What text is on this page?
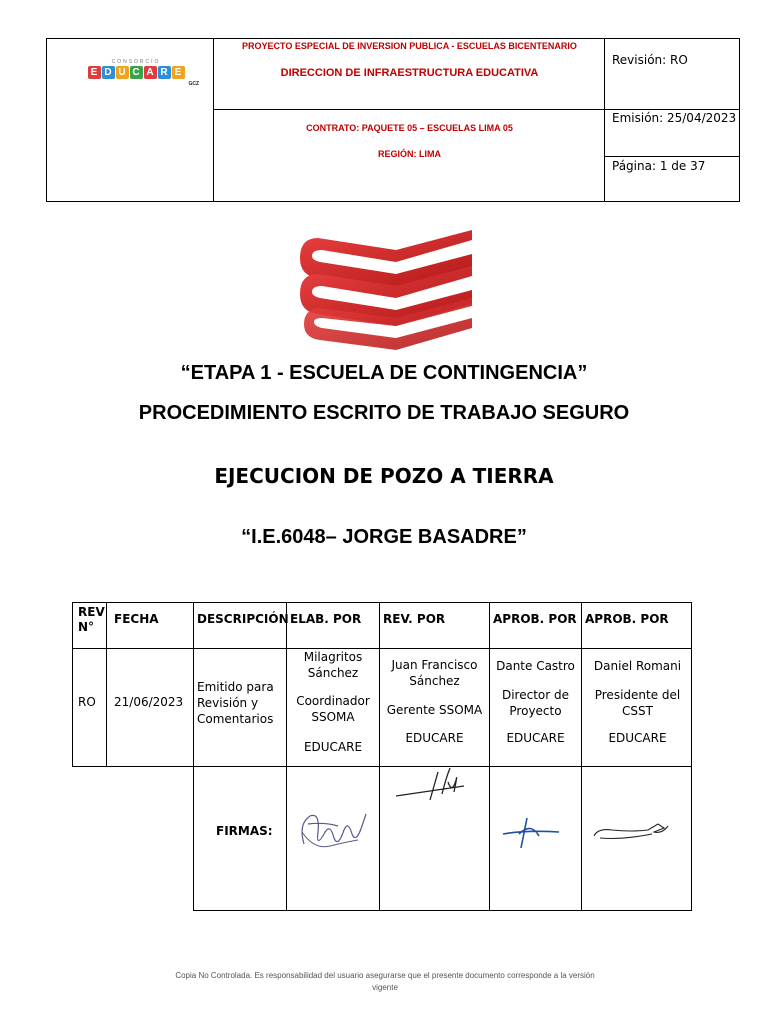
CONSORCIO
E D U C A R E
GCZ
PROYECTO ESPECIAL DE INVERSION PUBLICA - ESCUELAS BICENTENARIO
DIRECCION DE INFRAESTRUCTURA EDUCATIVA
CONTRATO: PAQUETE 05 – ESCUELAS LIMA 05
REGIÓN: LIMA
Revisión: RO
Emisión: 25/04/2023
Página: 1 de 37
“ETAPA 1 - ESCUELA DE CONTINGENCIA”
PROCEDIMIENTO ESCRITO DE TRABAJO SEGURO
EJECUCION DE POZO A TIERRA
“I.E.6048– JORGE BASADRE”
REV N°
FECHA	DESCRIPCIÓN ELAB. POR REV. POR	APROB. POR APROB. POR
RO 21/06/2023
Emitido para Revisión y Comentarios
Milagritos Sánchez
Coordinador SSOMA
EDUCARE
Juan Francisco Sánchez
Gerente SSOMA
EDUCARE
Dante Castro
Director de Proyecto
EDUCARE
Daniel Romani
Presidente del CSST
EDUCARE
FIRMAS:
Copia No Controlada. Es responsabilidad del usuario asegurarse que el presente documento corresponde a la versión
vigente
